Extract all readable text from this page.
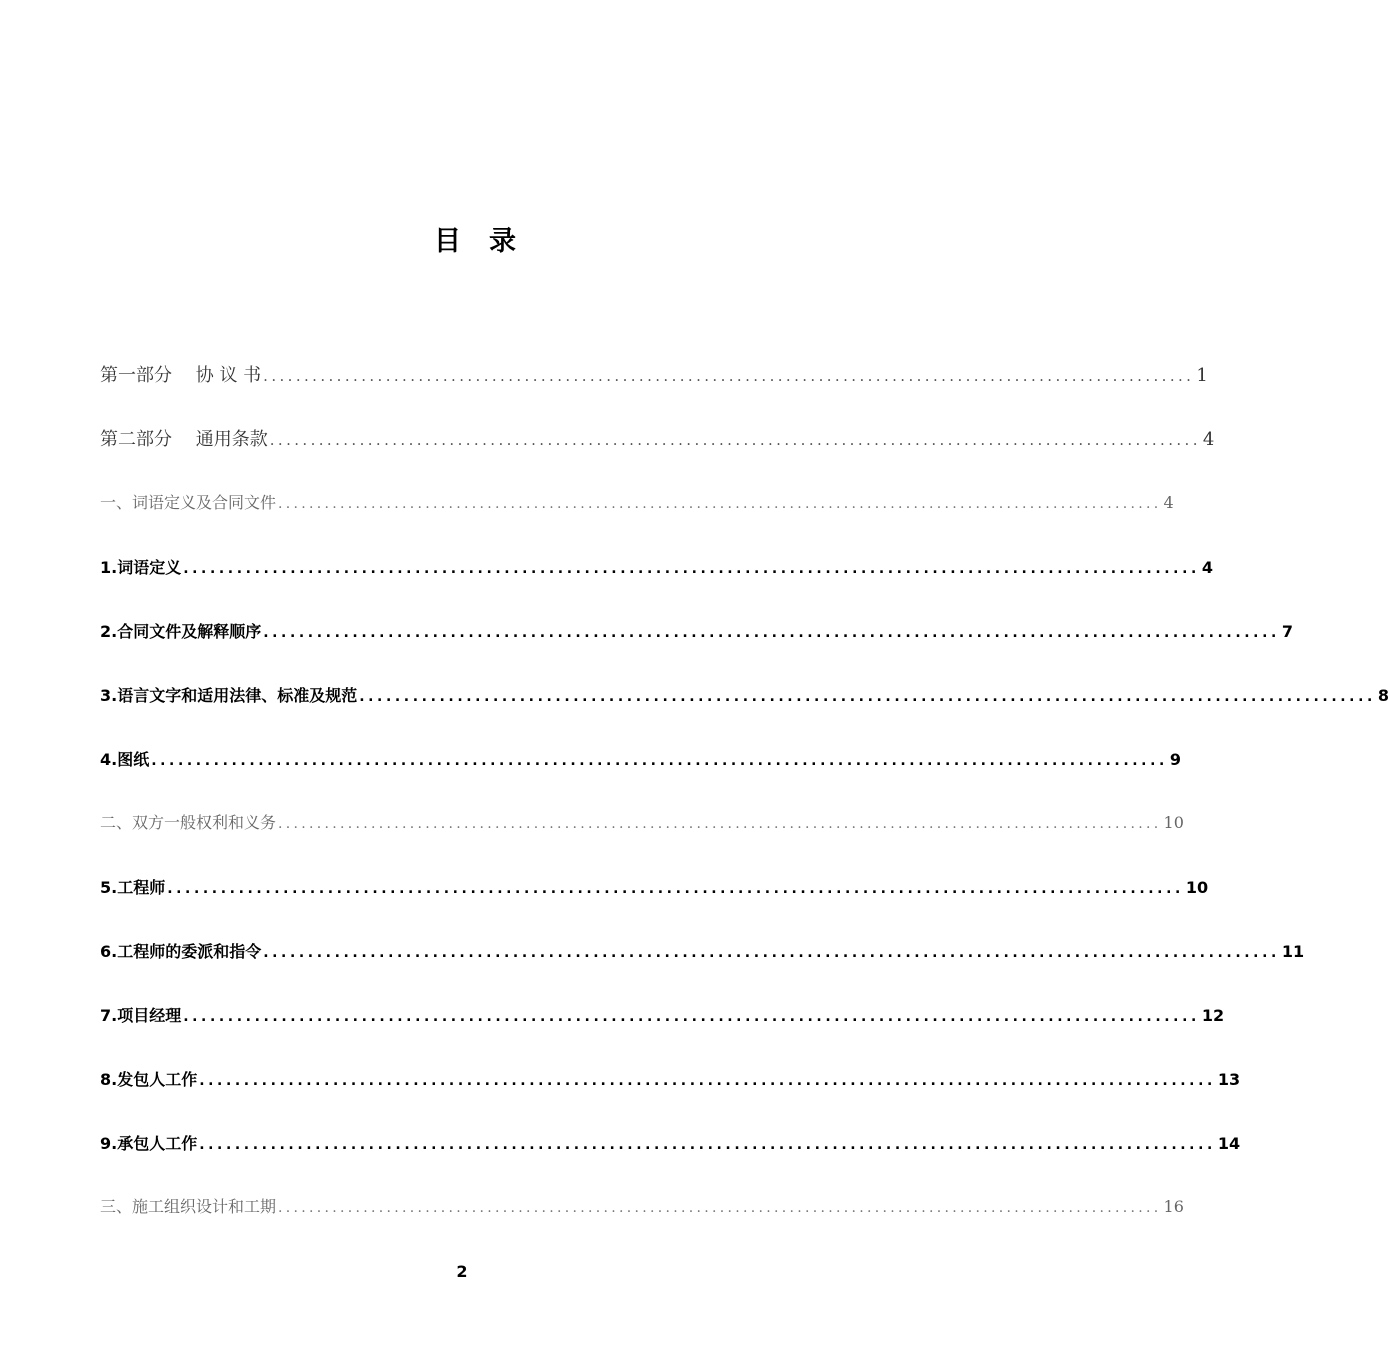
目录
第一部分　 协 议 书 .................................................................................................................. 1
第二部分　 通用条款 .................................................................................................................. 4
一、词语定义及合同文件 .................................................................................................................. 4
1.词语定义 .................................................................................................................. 4
2.合同文件及解释顺序 .................................................................................................................. 7
3.语言文字和适用法律、标准及规范 .................................................................................................................. 8
4.图纸 .................................................................................................................. 9
二、双方一般权利和义务 .................................................................................................................. 10
5.工程师 .................................................................................................................. 10
6.工程师的委派和指令 .................................................................................................................. 11
7.项目经理 .................................................................................................................. 12
8.发包人工作 .................................................................................................................. 13
9.承包人工作 .................................................................................................................. 14
三、施工组织设计和工期 .................................................................................................................. 16
2
